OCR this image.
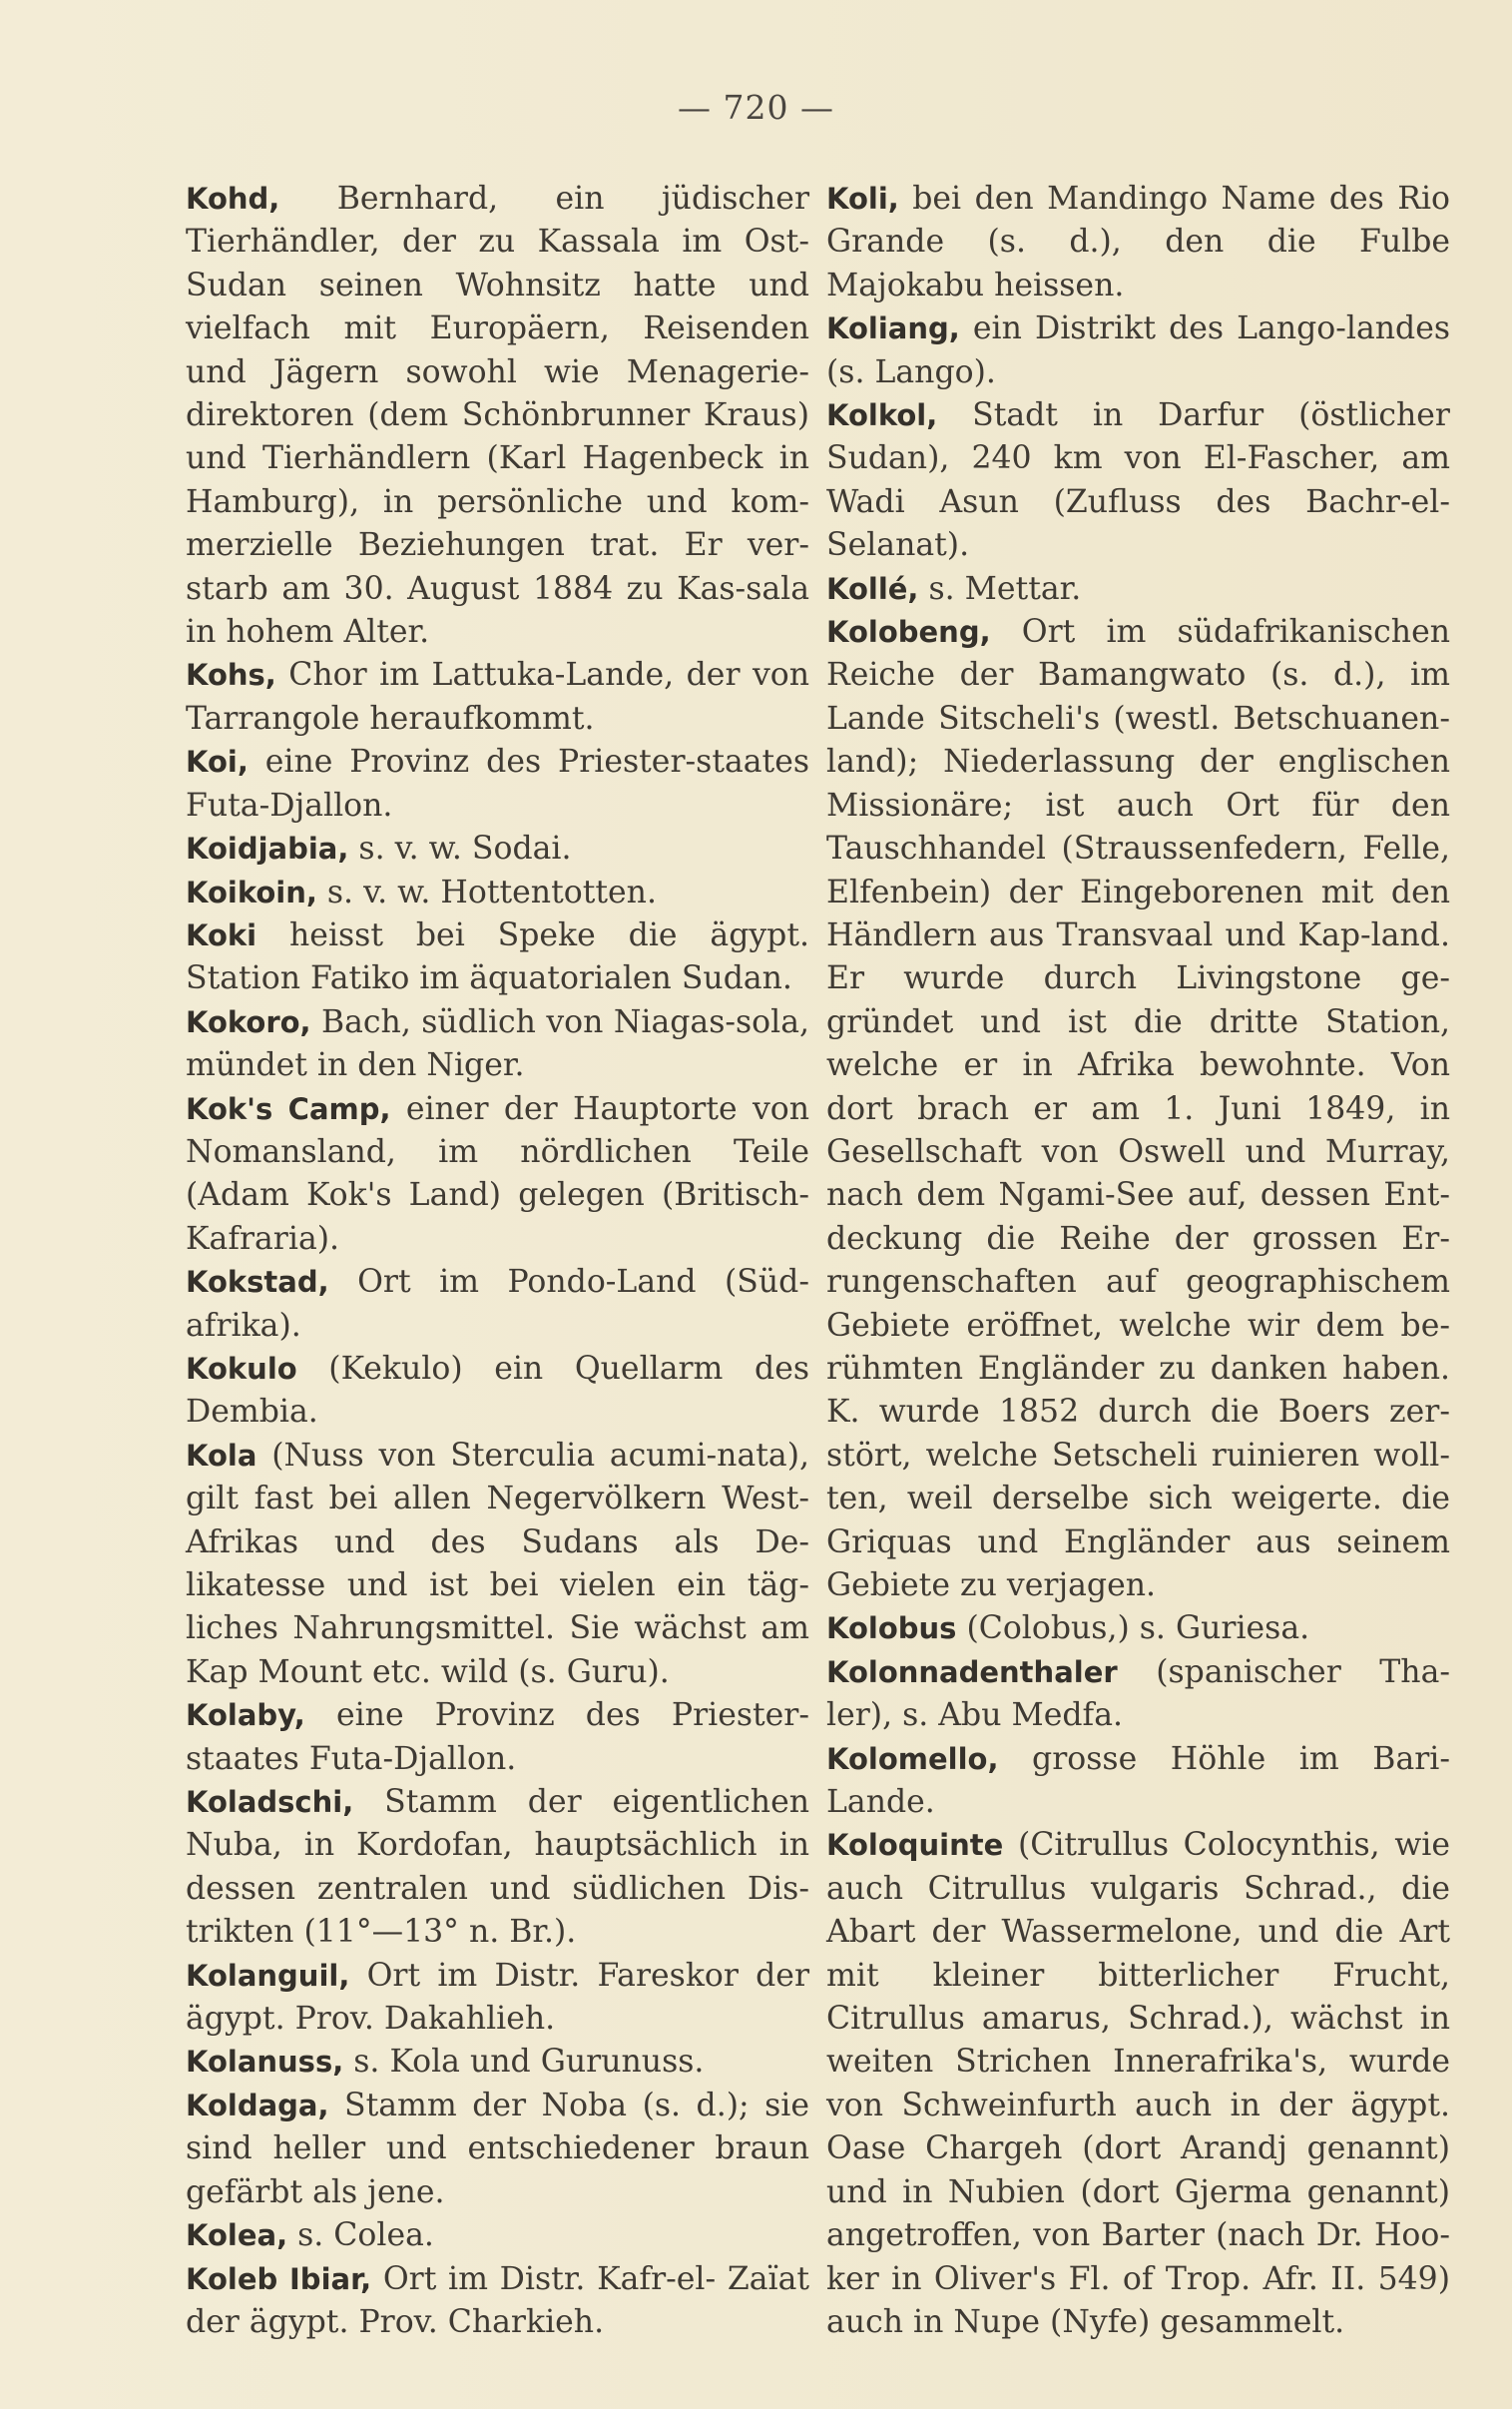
— 720 —

Kohd, Bernhard, ein jüdischer Tierhändler, der zu Kassala im Ost-Sudan seinen Wohnsitz hatte und vielfach mit Europäern, Reisenden und Jägern sowohl wie Menagerie-direktoren (dem Schönbrunner Kraus) und Tierhändlern (Karl Hagenbeck in Hamburg), in persönliche und kom-merzielle Beziehungen trat. Er ver-starb am 30. August 1884 zu Kas-sala in hohem Alter.

Kohs, Chor im Lattuka-Lande, der von Tarrangole heraufkommt.

Koi, eine Provinz des Priester-staates Futa-Djallon.

Koidjabia, s. v. w. Sodai.

Koikoin, s. v. w. Hottentotten.

Koki heisst bei Speke die ägypt. Station Fatiko im äquatorialen Sudan.

Kokoro, Bach, südlich von Niagas-sola, mündet in den Niger.

Kok's Camp, einer der Hauptorte von Nomansland, im nördlichen Teile (Adam Kok's Land) gelegen (Britisch-Kafraria).

Kokstad, Ort im Pondo-Land (Süd-afrika).

Kokulo (Kekulo) ein Quellarm des Dembia.

Kola (Nuss von Sterculia acumi-nata), gilt fast bei allen Negervölkern West-Afrikas und des Sudans als De-likatesse und ist bei vielen ein täg-liches Nahrungsmittel. Sie wächst am Kap Mount etc. wild (s. Guru).

Kolaby, eine Provinz des Priester-staates Futa-Djallon.

Koladschi, Stamm der eigentlichen Nuba, in Kordofan, hauptsächlich in dessen zentralen und südlichen Dis-trikten (11°—13° n. Br.).

Kolanguil, Ort im Distr. Fareskor der ägypt. Prov. Dakahlieh.

Kolanuss, s. Kola und Gurunuss.

Koldaga, Stamm der Noba (s. d.); sie sind heller und entschiedener braun gefärbt als jene.

Kolea, s. Colea.

Koleb Ibiar, Ort im Distr. Kafr-el- Zaïat der ägypt. Prov. Charkieh.

Koli, bei den Mandingo Name des Rio Grande (s. d.), den die Fulbe Majokabu heissen.

Koliang, ein Distrikt des Lango-landes (s. Lango).

Kolkol, Stadt in Darfur (östlicher Sudan), 240 km von El-Fascher, am Wadi Asun (Zufluss des Bachr-el-Selanat).

Kollé, s. Mettar.

Kolobeng, Ort im südafrikanischen Reiche der Bamangwato (s. d.), im Lande Sitscheli's (westl. Betschuanen-land); Niederlassung der englischen Missionäre; ist auch Ort für den Tauschhandel (Straussenfedern, Felle, Elfenbein) der Eingeborenen mit den Händlern aus Transvaal und Kap-land. Er wurde durch Livingstone ge-gründet und ist die dritte Station, welche er in Afrika bewohnte. Von dort brach er am 1. Juni 1849, in Gesellschaft von Oswell und Murray, nach dem Ngami-See auf, dessen Ent-deckung die Reihe der grossen Er-rungenschaften auf geographischem Gebiete eröffnet, welche wir dem be-rühmten Engländer zu danken haben. K. wurde 1852 durch die Boers zer-stört, welche Setscheli ruinieren woll-ten, weil derselbe sich weigerte. die Griquas und Engländer aus seinem Gebiete zu verjagen.

Kolobus (Colobus,) s. Guriesa.

Kolonnadenthaler (spanischer Tha-ler), s. Abu Medfa.

Kolomello, grosse Höhle im Bari-Lande.

Koloquinte (Citrullus Colocynthis, wie auch Citrullus vulgaris Schrad., die Abart der Wassermelone, und die Art mit kleiner bitterlicher Frucht, Citrullus amarus, Schrad.), wächst in weiten Strichen Innerafrika's, wurde von Schweinfurth auch in der ägypt. Oase Chargeh (dort Arandj genannt) und in Nubien (dort Gjerma genannt) angetroffen, von Barter (nach Dr. Hoo-ker in Oliver's Fl. of Trop. Afr. II. 549) auch in Nupe (Nyfe) gesammelt.
